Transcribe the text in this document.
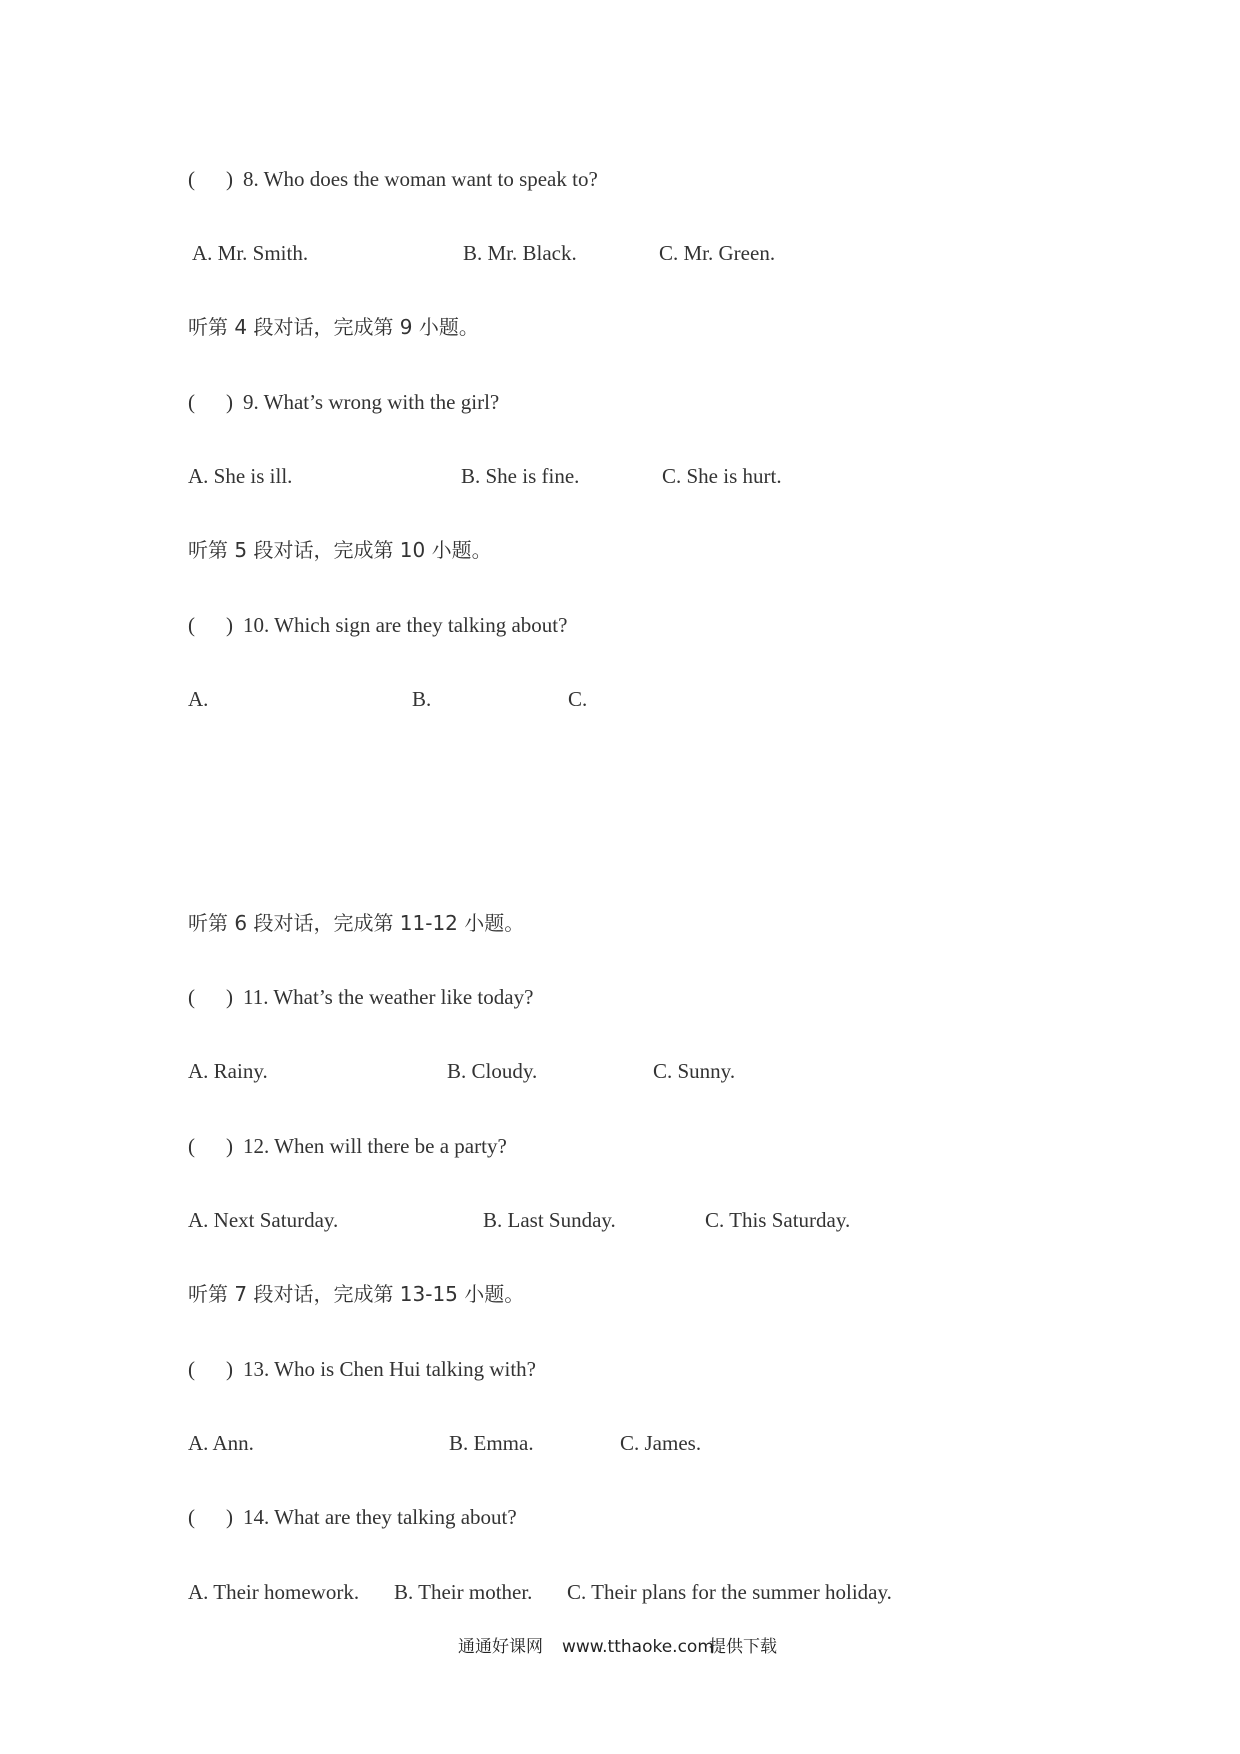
( ) 8. Who does the woman want to speak to?
A. Mr. Smith.	B. Mr. Black.	C. Mr. Green.
听第 4 段对话，完成第 9 小题。
( ) 9. What’s wrong with the girl?
A. She is ill.	B. She is fine.	C. She is hurt.
听第 5 段对话，完成第 10 小题。
( ) 10. Which sign are they talking about?
A.	B.	C.
听第 6 段对话，完成第 11-12 小题。
( ) 11. What’s the weather like today?
A. Rainy.	B. Cloudy.	C. Sunny.
( ) 12. When will there be a party?
A. Next Saturday.	B. Last Sunday.	C. This Saturday.
听第 7 段对话，完成第 13-15 小题。
( ) 13. Who is Chen Hui talking with?
A. Ann.	B. Emma.	C. James.
( ) 14. What are they talking about?
A. Their homework. B. Their mother. C. Their plans for the summer holiday.
通通好课网 www.tthaoke.com
提供下载
